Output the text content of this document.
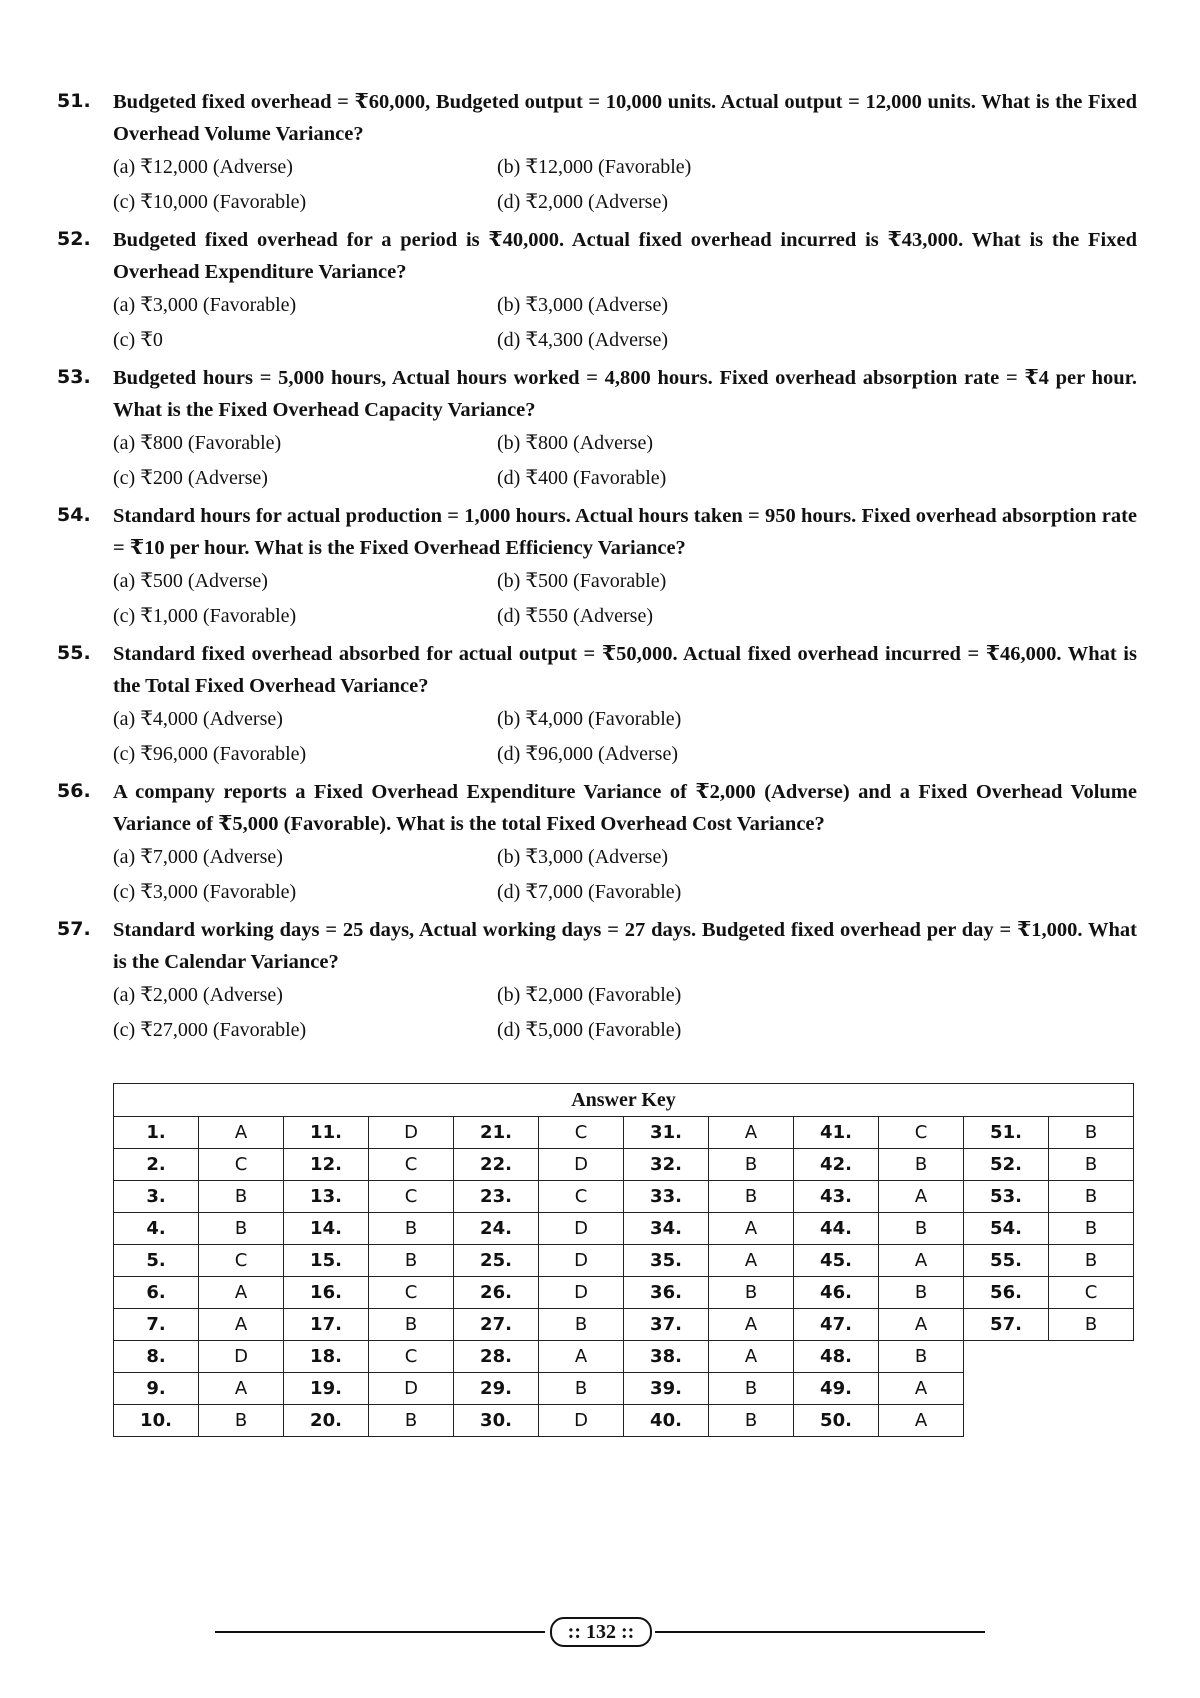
51. Budgeted fixed overhead = ₹60,000, Budgeted output = 10,000 units. Actual output = 12,000 units. What is the Fixed Overhead Volume Variance?
(a) ₹12,000 (Adverse)	(b) ₹12,000 (Favorable)
(c) ₹10,000 (Favorable)	(d) ₹2,000 (Adverse)
52. Budgeted fixed overhead for a period is ₹40,000. Actual fixed overhead incurred is ₹43,000. What is the Fixed Overhead Expenditure Variance?
(a) ₹3,000 (Favorable)	(b) ₹3,000 (Adverse)
(c) ₹0	(d) ₹4,300 (Adverse)
53. Budgeted hours = 5,000 hours, Actual hours worked = 4,800 hours. Fixed overhead absorption rate = ₹4 per hour. What is the Fixed Overhead Capacity Variance?
(a) ₹800 (Favorable)	(b) ₹800 (Adverse)
(c) ₹200 (Adverse)	(d) ₹400 (Favorable)
54. Standard hours for actual production = 1,000 hours. Actual hours taken = 950 hours. Fixed overhead absorption rate = ₹10 per hour. What is the Fixed Overhead Efficiency Variance?
(a) ₹500 (Adverse)	(b) ₹500 (Favorable)
(c) ₹1,000 (Favorable)	(d) ₹550 (Adverse)
55. Standard fixed overhead absorbed for actual output = ₹50,000. Actual fixed overhead incurred = ₹46,000. What is the Total Fixed Overhead Variance?
(a) ₹4,000 (Adverse)	(b) ₹4,000 (Favorable)
(c) ₹96,000 (Favorable)	(d) ₹96,000 (Adverse)
56. A company reports a Fixed Overhead Expenditure Variance of ₹2,000 (Adverse) and a Fixed Overhead Volume Variance of ₹5,000 (Favorable). What is the total Fixed Overhead Cost Variance?
(a) ₹7,000 (Adverse)	(b) ₹3,000 (Adverse)
(c) ₹3,000 (Favorable)	(d) ₹7,000 (Favorable)
57. Standard working days = 25 days, Actual working days = 27 days. Budgeted fixed overhead per day = ₹1,000. What is the Calendar Variance?
(a) ₹2,000 (Adverse)	(b) ₹2,000 (Favorable)
(c) ₹27,000 (Favorable)	(d) ₹5,000 (Favorable)
Answer Key											
1.	A	11.	D	21.	C	31.	A	41.	C	51.	B
2.	C	12.	C	22.	D	32.	B	42.	B	52.	B
3.	B	13.	C	23.	C	33.	B	43.	A	53.	B
4.	B	14.	B	24.	D	34.	A	44.	B	54.	B
5.	C	15.	B	25.	D	35.	A	45.	A	55.	B
6.	A	16.	C	26.	D	36.	B	46.	B	56.	C
7.	A	17.	B	27.	B	37.	A	47.	A	57.	B
8.	D	18.	C	28.	A	38.	A	48.	B		
9.	A	19.	D	29.	B	39.	B	49.	A		
10.	B	20.	B	30.	D	40.	B	50.	A		
:: 132 ::
